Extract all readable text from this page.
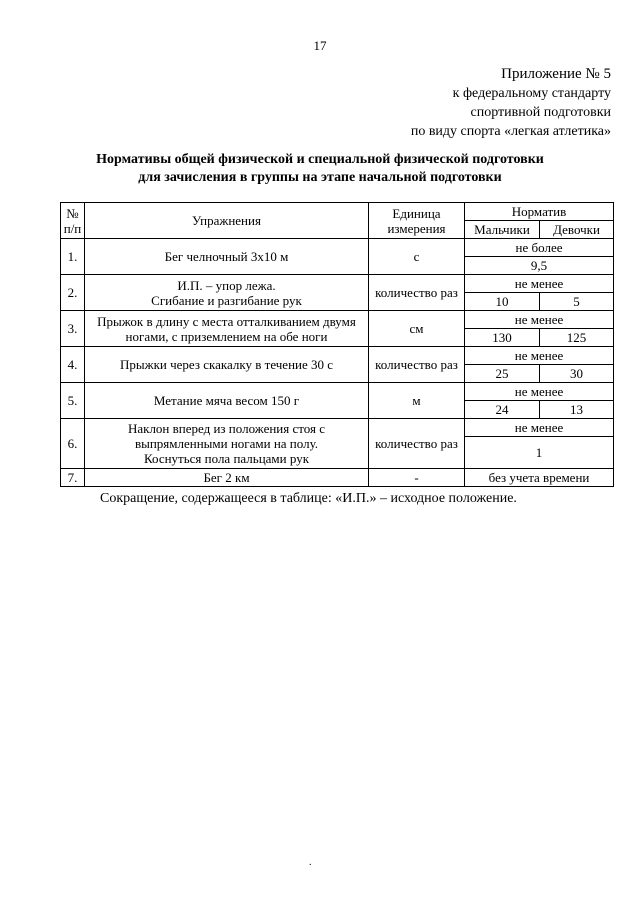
17
Приложение № 5
к федеральному стандарту
спортивной подготовки
по виду спорта «легкая атлетика»
Нормативы общей физической и специальной физической подготовки
для зачисления в группы на этапе начальной подготовки
№ п/п	Упражнения	Единица измерения	Норматив	
			Мальчики	Девочки
1.	Бег челночный 3х10 м	с	не более	
			9,5	
2.	И.П. – упор лежа.
Сгибание и разгибание рук	количество раз	не менее	
			10	5
3.	Прыжок в длину с места отталкиванием двумя ногами, с приземлением на обе ноги	см	не менее	
			130	125
4.	Прыжки через скакалку в течение 30 с	количество раз	не менее	
			25	30
5.	Метание мяча весом 150 г	м	не менее	
			24	13
6.	Наклон вперед из положения стоя с выпрямленными ногами на полу.
Коснуться пола пальцами рук	количество раз	не менее	
			1	
7.	Бег 2 км	-	без учета времени	
Сокращение, содержащееся в таблице: «И.П.» – исходное положение.
.
